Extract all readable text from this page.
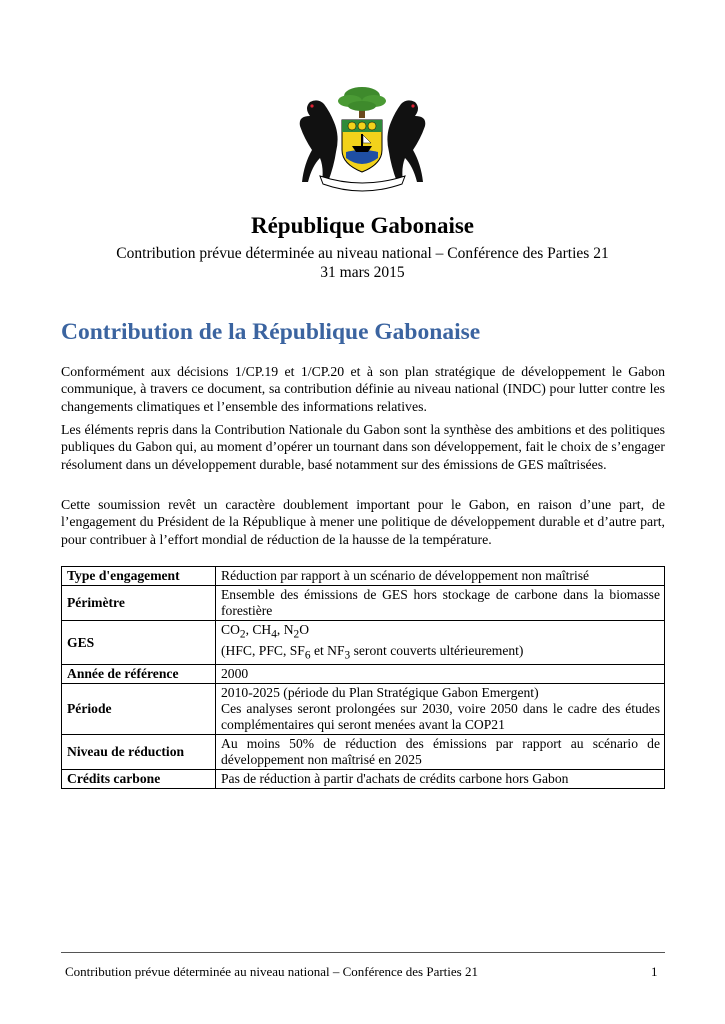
République Gabonaise
Contribution prévue déterminée au niveau national – Conférence des Parties 21
31 mars 2015
Contribution de la République Gabonaise
Conformément aux décisions 1/CP.19 et 1/CP.20 et à son plan stratégique de développement le Gabon communique, à travers ce document, sa contribution définie au niveau national (INDC) pour lutter contre les changements climatiques et l’ensemble des informations relatives.
Les éléments repris dans la Contribution Nationale du Gabon sont la synthèse des ambitions et des politiques publiques du Gabon qui, au moment d’opérer un tournant dans son développement, fait le choix de s’engager résolument dans un développement durable, basé notamment sur des émissions de GES maîtrisées.
Cette soumission revêt un caractère doublement important pour le Gabon, en raison d’une part, de l’engagement du Président de la République à mener une politique de développement durable et d’autre part, pour contribuer à l’effort mondial de réduction de la hausse de la température.
Type d'engagement	Réduction par rapport à un scénario de développement non maîtrisé
Périmètre	Ensemble des émissions de GES hors stockage de carbone dans la biomasse forestière
GES	$CO_2$, $CH_4$, $N_2O$
(HFC, PFC, $SF_6$ et $NF_3$ seront couverts ultérieurement)

Année de référence	2000
Période	2010-2025 (période du Plan Stratégique Gabon Emergent)
Ces analyses seront prolongées sur 2030, voire 2050 dans le cadre des études complémentaires qui seront menées avant la COP21

Niveau de réduction	Au moins 50% de réduction des émissions par rapport au scénario de développement non maîtrisé en 2025
Crédits carbone	Pas de réduction à partir d'achats de crédits carbone hors Gabon
Contribution prévue déterminée au niveau national – Conférence des Parties 21	1
